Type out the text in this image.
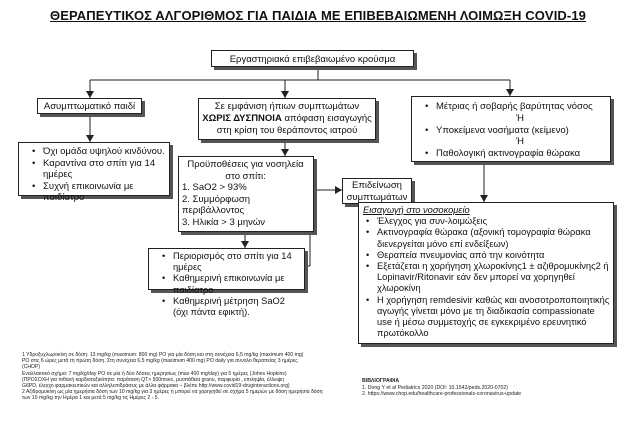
ΘΕΡΑΠΕΥΤΙΚΟΣ ΑΛΓΟΡΙΘΜΟΣ ΓΙΑ ΠΑΙΔΙΑ ΜΕ ΕΠΙΒΕΒΑΙΩΜΕΝΗ ΛΟΙΜΩΞΗ COVID-19
Εργαστηριακά επιβεβαιωμένο κρούσμα
Ασυμπτωματικό παιδί
• Όχι ομάδα υψηλού κινδύνου.
• Καραντίνα στο σπίτι για 14 ημέρες
• Συχνή επικοινωνία με παιδίατρο
Σε εμφάνιση ήπιων συμπτωμάτων
ΧΩΡΙΣ ΔΥΣΠΝΟΙΑ απόφαση εισαγωγής
στη κρίση του θεράποντος ιατρού
Προϋποθέσεις για νοσηλεία στο σπίτι:
1. SaO2 > 93%
2. Συμμόρφωση περιβάλλοντος
3. Ηλικία > 3 μηνών
• Περιορισμός στο σπίτι για 14 ημέρες
• Καθημερινή επικοινωνία με παιδίατρο
• Καθημερινή μέτρηση SaO2 (όχι πάντα εφικτή).
• Μέτριας ή σοβαρής βαρύτητας νόσος
Ή
• Υποκείμενα νοσήματα (κείμενο)
Ή
• Παθολογική ακτινογραφία θώρακα
Επιδείνωση συμπτωμάτων
Εισαγωγή στο νοσοκομείο
• Έλεγχος για συν-λοιμώξεις
• Ακτινογραφία θώρακα (αξονική τομογραφία θώρακα διενεργείται μόνο επί ενδείξεων)
• Θεραπεία πνευμονίας από την κοινότητα
• Εξετάζεται η χορήγηση χλωροκίνης1 ± αζιθρομυκίνης2 ή Lopinavir/Ritonavir εάν δεν μπορεί να χορηγηθεί χλωροκίνη
• Η χορήγηση remdesivir καθώς και ανοσοτροποποιητικής αγωγής γίνεται μόνο με τη διαδικασία compassionate use ή μέσω συμμετοχής σε εγκεκριμένο ερευνητικό πρωτόκολλο
1 Υδροξυχλωροκίνη σε δόση: 13 mg/kg (maximum: 800 mg) PO για μία δόση και στη συνέχεια 6,5 mg/kg (maximum 400 mg)
PO στις 6 ώρες μετά τη πρώτη δόση. Στη συνέχεια 6,5 mg/kg (maximum 400 mg) PO daily για συνολο θεραπείας 3 ημέρες
(CHOP)
Εναλλακτικό σχήμα: 7 mg/kg/day PO σε μία ή δύο δόσεις ημερησίως (max 400 mg/day) για 5 ημέρες (Johns Hopkins)
(ΠΡΟΣΟΧΗ για πιθανή καρδιοτοξικότητα: παράταση QT> 500msec, μυοπάθεια granu, παρφυρία , επιληψία, έλλειψη
G6PD, έλεγχο φαρμακευτικών και αλληλεπιδράσεις με άλλα φάρμακα – βλέπε http://www.covid19-druginteractions.org)
2 Αζιθρομυκίνη ως μία ημερήσια δόση των 10 mg/kg για 3 ημέρες ή μπορεί να χορηγηθεί σε σχήμα 5 ημερών με δόση ημερήσια δόση
των 10 mg/kg την Ημέρα 1 και μετά 5 mg/kg τις Ημέρες 2 - 5.
ΒΙΒΛΙΟΓΡΑΦΙΑ
1. Dong Y et al Pediatrics 2020 (DOI: 10.1542/peds.2020-0702)
2. https://www.chop.edu/healthcare-professionals-coronavirus-update
